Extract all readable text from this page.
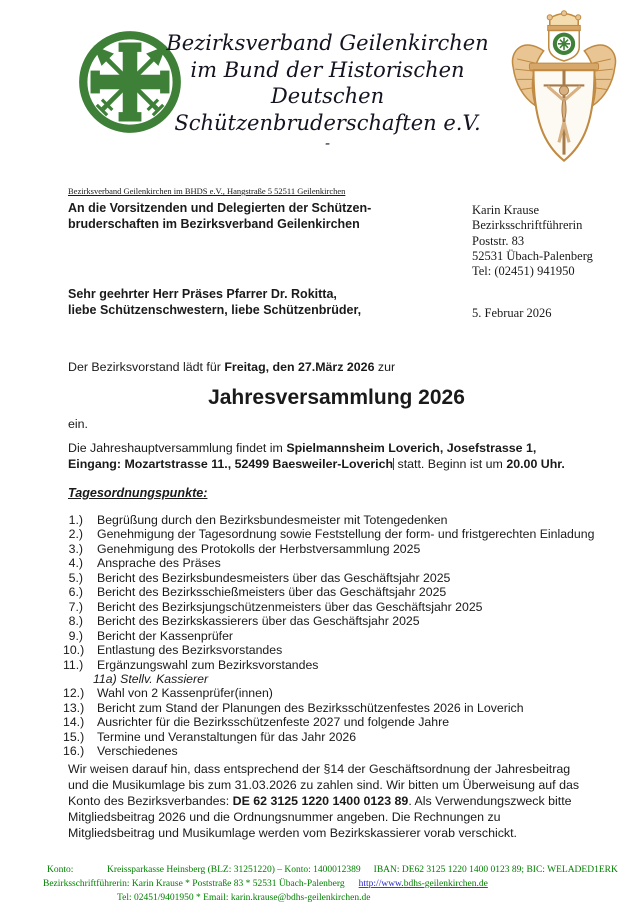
Bezirksverband Geilenkirchen
im Bund der Historischen
Deutschen
Schützenbruderschaften e.V.
-
Bezirksverband Geilenkirchen im BHDS e.V., Hangstraße 5 52511 Geilenkirchen
An die Vorsitzenden und Delegierten der Schützen-
bruderschaften im Bezirksverband Geilenkirchen
Karin Krause
Bezirksschriftführerin
Poststr. 83
52531 Übach-Palenberg
Tel: (02451) 941950
Sehr geehrter Herr Präses Pfarrer Dr. Rokitta,
liebe Schützenschwestern, liebe Schützenbrüder,	5. Februar 2026
Der Bezirksvorstand lädt für Freitag, den 27.März 2026 zur
Jahresversammlung 2026
ein.
Die Jahreshauptversammlung findet im Spielmannsheim Loverich, Josefstrasse 1, Eingang: Mozartstrasse 11., 52499 Baesweiler-Loverich statt. Beginn ist um 20.00 Uhr.
Tagesordnungspunkte:
1.) Begrüßung durch den Bezirksbundesmeister mit Totengedenken
2.) Genehmigung der Tagesordnung sowie Feststellung der form- und fristgerechten Einladung
3.) Genehmigung des Protokolls der Herbstversammlung 2025
4.) Ansprache des Präses
5.) Bericht des Bezirksbundesmeisters über das Geschäftsjahr 2025
6.) Bericht des Bezirksschießmeisters über das Geschäftsjahr 2025
7.) Bericht des Bezirksjungschützenmeisters über das Geschäftsjahr 2025
8.) Bericht des Bezirkskassierers über das Geschäftsjahr 2025
9.) Bericht der Kassenprüfer
10.) Entlastung des Bezirksvorstandes
11.) Ergänzungswahl zum Bezirksvorstandes
11a) Stellv. Kassierer
12.) Wahl von 2 Kassenprüfer(innen)
13.) Bericht zum Stand der Planungen des Bezirksschützenfestes 2026 in Loverich
14.) Ausrichter für die Bezirksschützenfeste 2027 und folgende Jahre
15.) Termine und Veranstaltungen für das Jahr 2026
16.) Verschiedenes
Wir weisen darauf hin, dass entsprechend der §14 der Geschäftsordnung der Jahresbeitrag und die Musikumlage bis zum 31.03.2026 zu zahlen sind. Wir bitten um Überweisung auf das Konto des Bezirksverbandes: DE 62 3125 1220 1400 0123 89. Als Verwendungszweck bitte Mitgliedsbeitrag 2026 und die Ordnungsnummer angeben. Die Rechnungen zu Mitgliedsbeitrag und Musikumlage werden vom Bezirkskassierer vorab verschickt.
Konto:	Kreissparkasse Heinsberg (BLZ: 31251220) – Konto: 1400012389 IBAN: DE62 3125 1220 1400 0123 89; BIC: WELADED1ERK
Bezirksschriftführerin: Karin Krause * Poststraße 83 * 52531 Übach-Palenberg http://www.bdhs-geilenkirchen.de
Tel: 02451/9401950 * Email: karin.krause@bdhs-geilenkirchen.de
